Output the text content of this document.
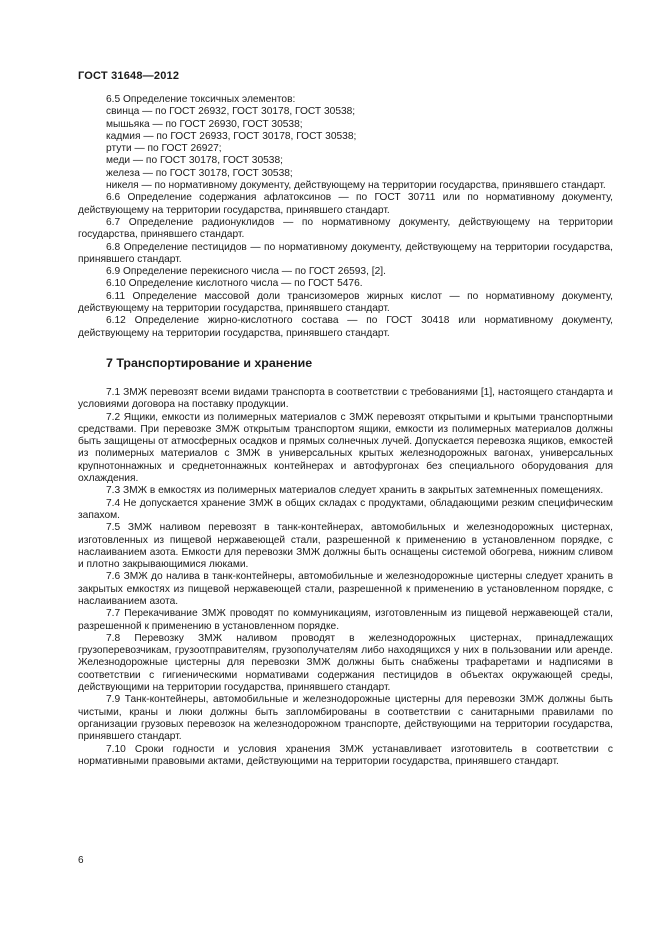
ГОСТ 31648—2012

6.5 Определение токсичных элементов:

свинца — по ГОСТ 26932, ГОСТ 30178, ГОСТ 30538;

мышьяка — по ГОСТ 26930, ГОСТ 30538;

кадмия — по ГОСТ 26933, ГОСТ 30178, ГОСТ 30538;

ртути — по ГОСТ 26927;

меди — по ГОСТ 30178, ГОСТ 30538;

железа — по ГОСТ 30178, ГОСТ 30538;

никеля — по нормативному документу, действующему на территории государства, принявшего стандарт.

6.6 Определение содержания афлатоксинов — по ГОСТ 30711 или по нормативному документу, действующему на территории государства, принявшего стандарт.

6.7 Определение радионуклидов — по нормативному документу, действующему на территории государства, принявшего стандарт.

6.8 Определение пестицидов — по нормативному документу, действующему на территории государства, принявшего стандарт.

6.9 Определение перекисного числа — по ГОСТ 26593, [2].

6.10 Определение кислотного числа — по ГОСТ 5476.

6.11 Определение массовой доли трансизомеров жирных кислот — по нормативному документу, действующему на территории государства, принявшего стандарт.

6.12 Определение жирно-кислотного состава — по ГОСТ 30418 или нормативному документу, действующему на территории государства, принявшего стандарт.

7 Транспортирование и хранение

7.1 ЗМЖ перевозят всеми видами транспорта в соответствии с требованиями [1], настоящего стандарта и условиями договора на поставку продукции.

7.2 Ящики, емкости из полимерных материалов с ЗМЖ перевозят открытыми и крытыми транспортными средствами. При перевозке ЗМЖ открытым транспортом ящики, емкости из полимерных материалов должны быть защищены от атмосферных осадков и прямых солнечных лучей. Допускается перевозка ящиков, емкостей из полимерных материалов с ЗМЖ в универсальных крытых железнодорожных вагонах, универсальных крупнотоннажных и среднетоннажных контейнерах и автофургонах без специального оборудования для охлаждения.

7.3 ЗМЖ в емкостях из полимерных материалов следует хранить в закрытых затемненных помещениях.

7.4 Не допускается хранение ЗМЖ в общих складах с продуктами, обладающими резким специфическим запахом.

7.5 ЗМЖ наливом перевозят в танк-контейнерах, автомобильных и железнодорожных цистернах, изготовленных из пищевой нержавеющей стали, разрешенной к применению в установленном порядке, с наслаиванием азота. Емкости для перевозки ЗМЖ должны быть оснащены системой обогрева, нижним сливом и плотно закрывающимися люками.

7.6 ЗМЖ до налива в танк-контейнеры, автомобильные и железнодорожные цистерны следует хранить в закрытых емкостях из пищевой нержавеющей стали, разрешенной к применению в установленном порядке, с наслаиванием азота.

7.7 Перекачивание ЗМЖ проводят по коммуникациям, изготовленным из пищевой нержавеющей стали, разрешенной к применению в установленном порядке.

7.8 Перевозку ЗМЖ наливом проводят в железнодорожных цистернах, принадлежащих грузоперевозчикам, грузоотправителям, грузополучателям либо находящихся у них в пользовании или аренде. Железнодорожные цистерны для перевозки ЗМЖ должны быть снабжены трафаретами и надписями в соответствии с гигиеническими нормативами содержания пестицидов в объектах окружающей среды, действующими на территории государства, принявшего стандарт.

7.9 Танк-контейнеры, автомобильные и железнодорожные цистерны для перевозки ЗМЖ должны быть чистыми, краны и люки должны быть запломбированы в соответствии с санитарными правилами по организации грузовых перевозок на железнодорожном транспорте, действующими на территории государства, принявшего стандарт.

7.10 Сроки годности и условия хранения ЗМЖ устанавливает изготовитель в соответствии с нормативными правовыми актами, действующими на территории государства, принявшего стандарт.

6
